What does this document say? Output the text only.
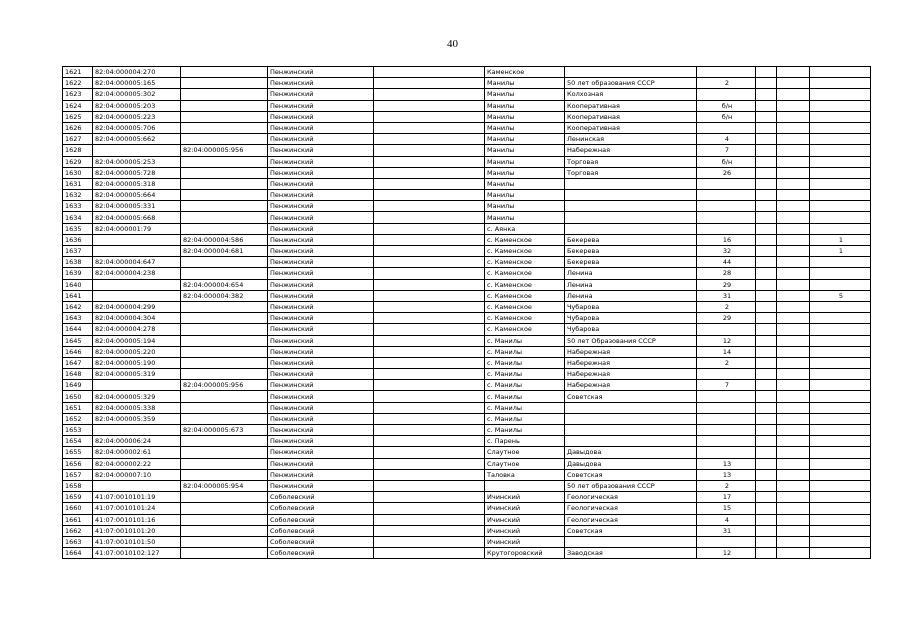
40
1621	82:04:000004:270		Пенжинский		Каменское					
1622	82:04:000005:165		Пенжинский		Манилы	50 лет образования СССР	2			
1623	82:04:000005:302		Пенжинский		Манилы	Колхозная				
1624	82:04:000005:203		Пенжинский		Манилы	Кооперативная	б/н			
1625	82:04:000005:223		Пенжинский		Манилы	Кооперативная	б/н			
1626	82:04:000005:706		Пенжинский		Манилы	Кооперативная				
1627	82:04:000005:662		Пенжинский		Манилы	Ленинская	4			
1628		82:04:000005:956	Пенжинский		Манилы	Набережная	7			
1629	82:04:000005:253		Пенжинский		Манилы	Торговая	б/н			
1630	82:04:000005:728		Пенжинский		Манилы	Торговая	26			
1631	82:04:000005:318		Пенжинский		Манилы					
1632	82:04:000005:664		Пенжинский		Манилы					
1633	82:04:000005:331		Пенжинский		Манилы					
1634	82:04:000005:668		Пенжинский		Манилы					
1635	82:04:000001:79		Пенжинский		с. Аянка					
1636		82:04:000004:586	Пенжинский		с. Каменское	Бекерева	16			1
1637		82:04:000004:681	Пенжинский		с. Каменское	Бекерева	32			1
1638	82:04:000004:647		Пенжинский		с. Каменское	Бекерева	44			
1639	82:04:000004:238		Пенжинский		с. Каменское	Ленина	28			
1640		82:04:000004:654	Пенжинский		с. Каменское	Ленина	29			
1641		82:04:000004:382	Пенжинский		с. Каменское	Ленина	31			5
1642	82:04:000004:299		Пенжинский		с. Каменское	Чубарова	2			
1643	82:04:000004:304		Пенжинский		с. Каменское	Чубарова	29			
1644	82:04:000004:278		Пенжинский		с. Каменское	Чубарова				
1645	82:04:000005:194		Пенжинский		с. Манилы	50 лет Образования СССР	12			
1646	82:04:000005:220		Пенжинский		с. Манилы	Набережная	14			
1647	82:04:000005:190		Пенжинский		с. Манилы	Набережная	2			
1648	82:04:000005:319		Пенжинский		с. Манилы	Набережная				
1649		82:04:000005:956	Пенжинский		с. Манилы	Набережная	7			
1650	82:04:000005:329		Пенжинский		с. Манилы	Советская				
1651	82:04:000005:338		Пенжинский		с. Манилы					
1652	82:04:000005:359		Пенжинский		с. Манилы					
1653		82:04:000005:673	Пенжинский		с. Манилы					
1654	82:04:000006:24		Пенжинский		с. Парень					
1655	82:04:000002:61		Пенжинский		Слаутное	Давыдова				
1656	82:04:000002:22		Пенжинский		Слаутное	Давыдова	13			
1657	82:04:000007:10		Пенжинский		Таловка	Советская	13			
1658		82:04:000005:954	Пенжинский			50 лет образования СССР	2			
1659	41:07:0010101:19		Соболевский		Ичинский	Геологическая	17			
1660	41:07:0010101:24		Соболевский		Ичинский	Геологическая	15			
1661	41:07:0010101:16		Соболевский		Ичинский	Геологическая	4			
1662	41:07:0010101:20		Соболевский		Ичинский	Советская	31			
1663	41:07:0010101:50		Соболевский		Ичинский					
1664	41:07:0010102:127		Соболевский		Крутогоровский	Заводская	12			
